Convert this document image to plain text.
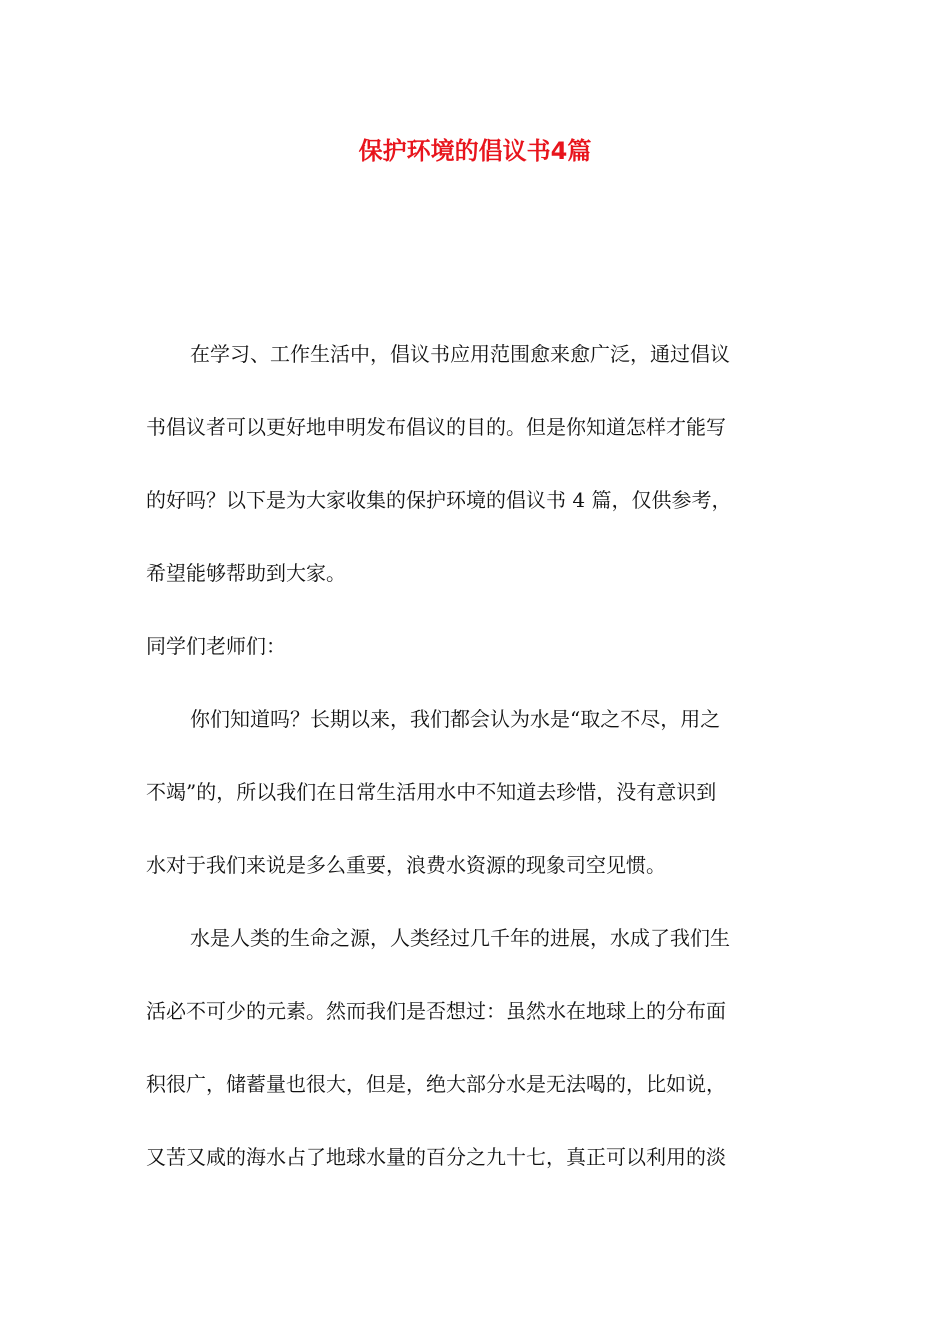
保护环境的倡议书4篇

在学习、工作生活中，倡议书应用范围愈来愈广泛，通过倡议
书倡议者可以更好地申明发布倡议的目的。但是你知道怎样才能写
的好吗？以下是为大家收集的保护环境的倡议书 4 篇，仅供参考，
希望能够帮助到大家。

同学们老师们：

你们知道吗？长期以来，我们都会认为水是“取之不尽，用之
不竭”的，所以我们在日常生活用水中不知道去珍惜，没有意识到
水对于我们来说是多么重要，浪费水资源的现象司空见惯。

水是人类的生命之源，人类经过几千年的进展，水成了我们生
活必不可少的元素。然而我们是否想过：虽然水在地球上的分布面
积很广，储蓄量也很大，但是，绝大部分水是无法喝的，比如说，
又苦又咸的海水占了地球水量的百分之九十七，真正可以利用的淡
